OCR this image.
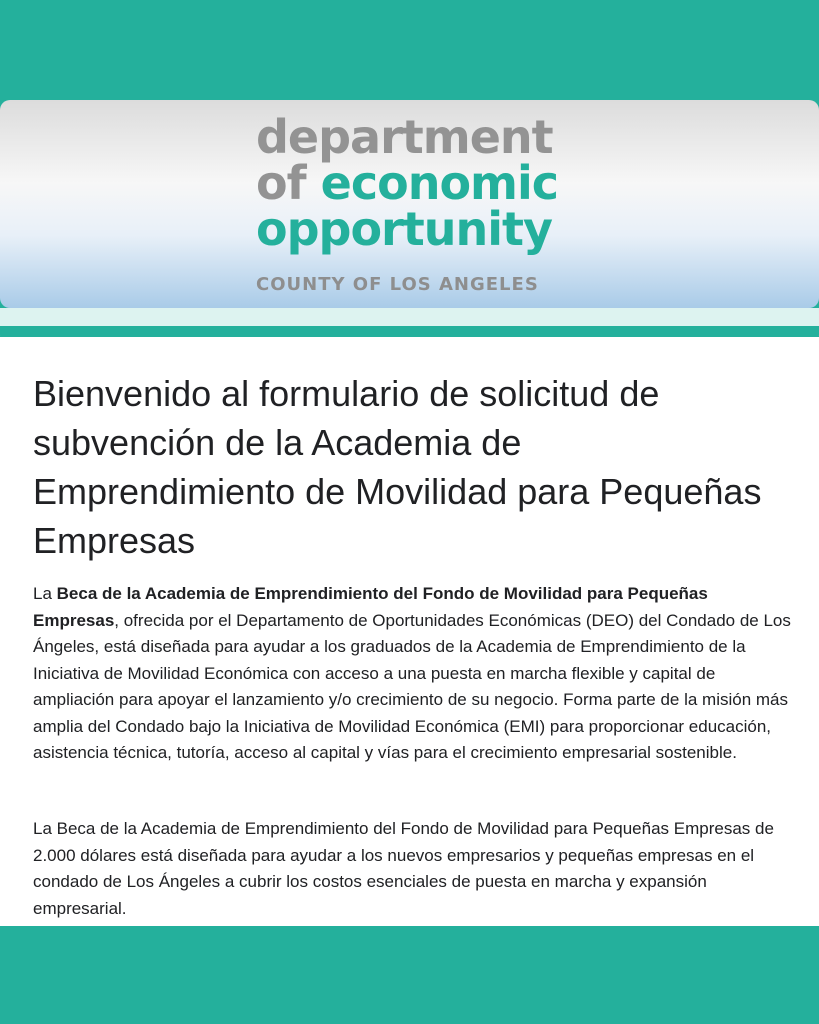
department
of economic
opportunity
COUNTY OF LOS ANGELES
Bienvenido al formulario de solicitud de subvención de la Academia de Emprendimiento de Movilidad para Pequeñas Empresas

La Beca de la Academia de Emprendimiento del Fondo de Movilidad para Pequeñas Empresas, ofrecida por el Departamento de Oportunidades Económicas (DEO) del Condado de Los Ángeles, está diseñada para ayudar a los graduados de la Academia de Emprendimiento de la Iniciativa de Movilidad Económica con acceso a una puesta en marcha flexible y capital de ampliación para apoyar el lanzamiento y/o crecimiento de su negocio. Forma parte de la misión más amplia del Condado bajo la Iniciativa de Movilidad Económica (EMI) para proporcionar educación, asistencia técnica, tutoría, acceso al capital y vías para el crecimiento empresarial sostenible.

La Beca de la Academia de Emprendimiento del Fondo de Movilidad para Pequeñas Empresas de 2.000 dólares está diseñada para ayudar a los nuevos empresarios y pequeñas empresas en el condado de Los Ángeles a cubrir los costos esenciales de puesta en marcha y expansión empresarial.
